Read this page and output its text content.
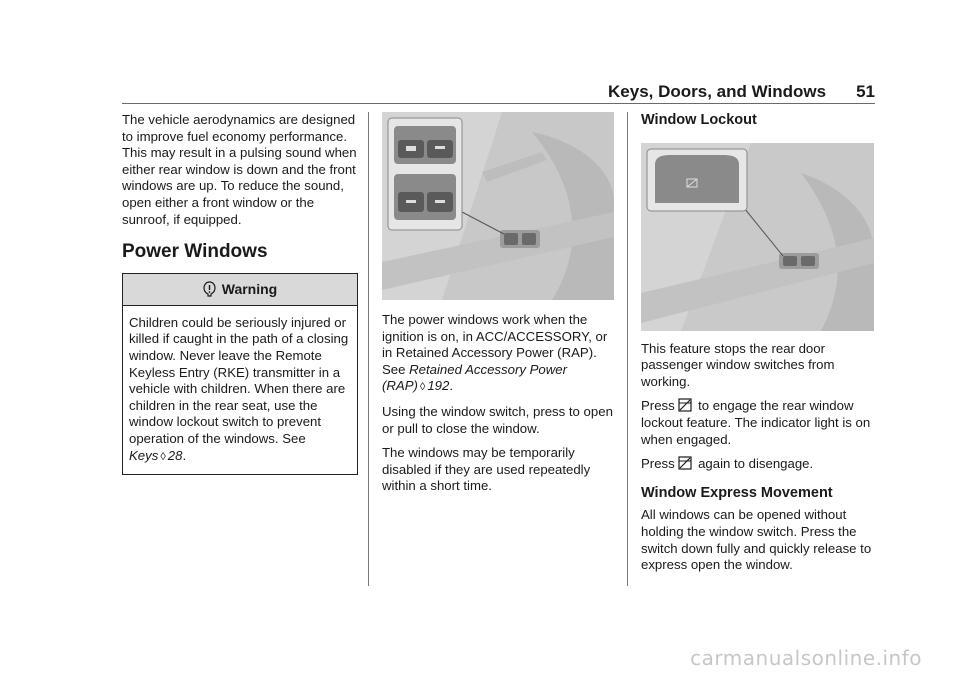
Keys, Doors, and Windows 51

The vehicle aerodynamics are designed to improve fuel economy performance. This may result in a pulsing sound when either rear window is down and the front windows are up. To reduce the sound, open either a front window or the sunroof, if equipped.

Power Windows
Warning
Children could be seriously injured or killed if caught in the path of a closing window. Never leave the Remote Keyless Entry (RKE) transmitter in a vehicle with children. When there are children in the rear seat, use the window lockout switch to prevent operation of the windows. See Keys ◊ 28.

The power windows work when the ignition is on, in ACC/ACCESSORY, or in Retained Accessory Power (RAP). See Retained Accessory Power (RAP) ◊ 192.

Using the window switch, press to open or pull to close the window.

The windows may be temporarily disabled if they are used repeatedly within a short time.

Window Lockout

This feature stops the rear door passenger window switches from working.

Press to engage the rear window lockout feature. The indicator light is on when engaged.

Press again to disengage.

Window Express Movement

All windows can be opened without holding the window switch. Press the switch down fully and quickly release to express open the window.

carmanualsonline.info
